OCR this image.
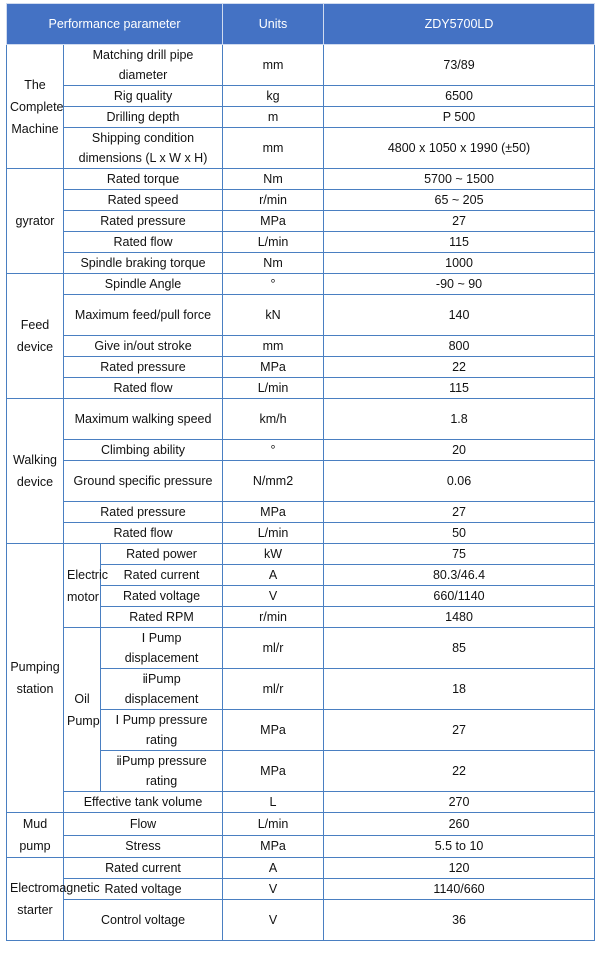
Performance parameter			Units	ZDY5700LD
The Complete Machine	Matching drill pipe diameter		mm	73/89
	Rig quality		kg	6500
	Drilling depth		m	P 500
	Shipping condition dimensions (L x W x H)		mm	4800 x 1050 x 1990 (±50)
gyrator	Rated torque		Nm	5700 ~ 1500
	Rated speed		r/min	65 ~ 205
	Rated pressure		MPa	27
	Rated flow		L/min	115
	Spindle braking torque		Nm	1000
Feed device	Spindle Angle		°	-90 ~ 90
	Maximum feed/pull force		kN	140
	Give in/out stroke		mm	800
	Rated pressure		MPa	22
	Rated flow		L/min	115
Walking device	Maximum walking speed		km/h	1.8
	Climbing ability		°	20
	Ground specific pressure		N/mm2	0.06
	Rated pressure		MPa	27
	Rated flow		L/min	50
Pumping station	Electric motor	Rated power	kW	75
		Rated current	A	80.3/46.4
		Rated voltage	V	660/1140
		Rated RPM	r/min	1480
	Oil Pump	Ⅰ Pump displacement	ml/r	85
		ⅱPump displacement	ml/r	18
		Ⅰ Pump pressure rating	MPa	27
		ⅱPump pressure rating	MPa	22
	Effective tank volume		L	270
Mud pump	Flow		L/min	260
	Stress		MPa	5.5 to 10
Electromagnetic starter	Rated current		A	120
	Rated voltage		V	1140/660
	Control voltage		V	36
